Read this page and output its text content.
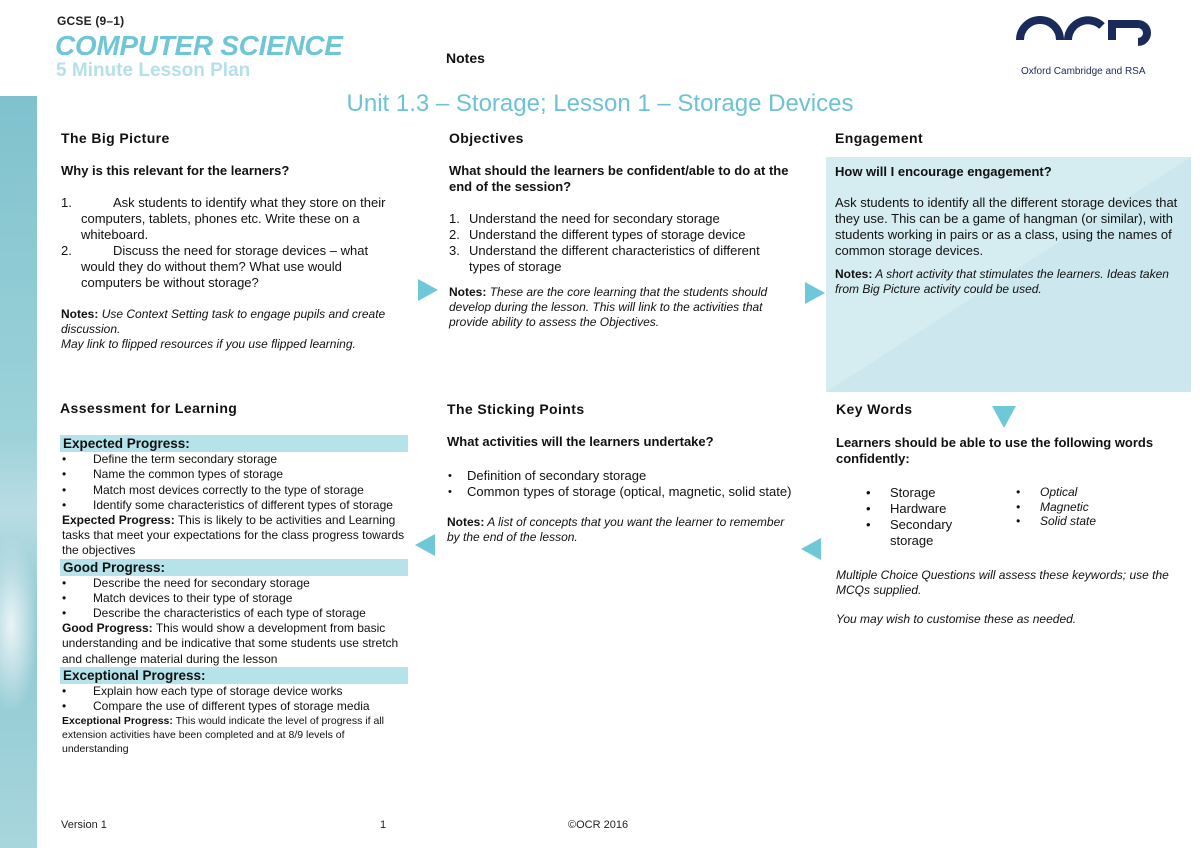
GCSE (9–1)
COMPUTER SCIENCE
5 Minute Lesson Plan
Notes
Oxford Cambridge and RSA
Unit 1.3 – Storage; Lesson 1 – Storage Devices
The Big Picture
Why is this relevant for the learners?
1.	Ask students to identify what they store on their computers, tablets, phones etc. Write these on a whiteboard.
2.	Discuss the need for storage devices – what would they do without them? What use would computers be without storage?
Notes: Use Context Setting task to engage pupils and create discussion.
May link to flipped resources if you use flipped learning.
Objectives
What should the learners be confident/able to do at the end of the session?
1. Understand the need for secondary storage
2. Understand the different types of storage device
3. Understand the different characteristics of different types of storage
Notes: These are the core learning that the students should develop during the lesson. This will link to the activities that provide ability to assess the Objectives.
Engagement
How will I encourage engagement?
Ask students to identify all the different storage devices that they use. This can be a game of hangman (or similar), with students working in pairs or as a class, using the names of common storage devices.
Notes: A short activity that stimulates the learners. Ideas taken from Big Picture activity could be used.
Assessment for Learning
Expected Progress:
• Define the term secondary storage
• Name the common types of storage
• Match most devices correctly to the type of storage
• Identify some characteristics of different types of storage

Expected Progress: This is likely to be activities and Learning tasks that meet your expectations for the class progress towards the objectives

Good Progress:
• Describe the need for secondary storage
• Match devices to their type of storage
• Describe the characteristics of each type of storage

Good Progress: This would show a development from basic understanding and be indicative that some students use stretch and challenge material during the lesson

Exceptional Progress:
• Explain how each type of storage device works
• Compare the use of different types of storage media

Exceptional Progress: This would indicate the level of progress if all extension activities have been completed and at 8/9 levels of understanding

The Sticking Points
What activities will the learners undertake?
• Definition of secondary storage
• Common types of storage (optical, magnetic, solid state)
Notes: A list of concepts that you want the learner to remember by the end of the lesson.
Key Words
Learners should be able to use the following words confidently:
• Storage
• Hardware
• Secondary storage
• Optical
• Magnetic
• Solid state
Multiple Choice Questions will assess these keywords; use the MCQs supplied.
You may wish to customise these as needed.
Version 1	1	©OCR 2016
